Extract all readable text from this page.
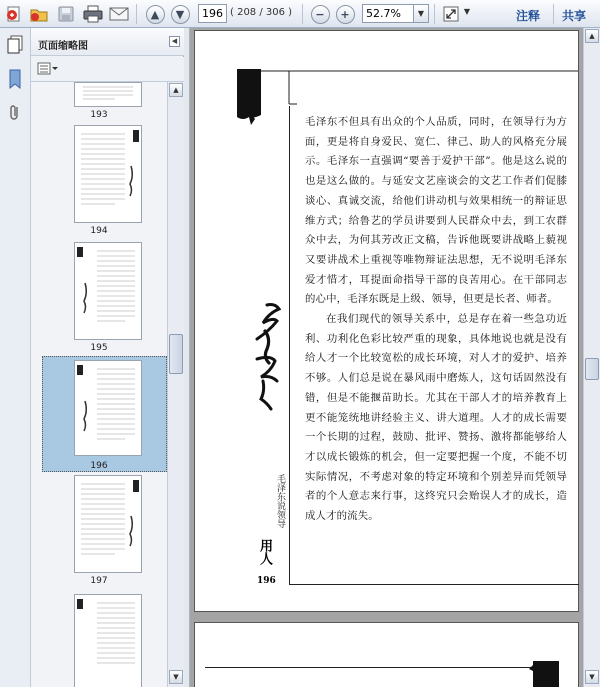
▲	▼	196 ( 208 / 306 )	−	+	52.7%	▼	▼	注释 共享
页面缩略图	◀
193
194
195
196
197
▲
▼
毛泽东说领导
用人
196

毛泽东不但具有出众的个人品质，同时，在领导行为方面，更是将自身爱民、宽仁、律己、助人的风格充分展示。毛泽东一直强调“要善于爱护干部”。他是这么说的也是这么做的。与延安文艺座谈会的文艺工作者们促膝谈心、真诚交流，给他们讲动机与效果相统一的辩证思维方式；给鲁艺的学员讲要到人民群众中去，到工农群众中去，为何其芳改正文稿，告诉他既要讲战略上藐视又要讲战术上重视等唯物辩证法思想，无不说明毛泽东爱才惜才，耳提面命指导干部的良苦用心。在干部同志的心中，毛泽东既是上级、领导，但更是长者、师者。

在我们现代的领导关系中，总是存在着一些急功近利、功利化色彩比较严重的现象，具体地说也就是没有给人才一个比较宽松的成长环境，对人才的爱护、培养不够。人们总是说在暴风雨中磨炼人，这句话固然没有错，但是不能揠苗助长。尤其在干部人才的培养教育上更不能笼统地讲经验主义、讲大道理。人才的成长需要一个长期的过程，鼓励、批评、赞扬、激将都能够给人才以成长锻炼的机会，但一定要把握一个度，不能不切实际情况，不考虑对象的特定环境和个别差异而凭领导者的个人意志来行事，这终究只会贻误人才的成长，造成人才的流失。

▲
▼
